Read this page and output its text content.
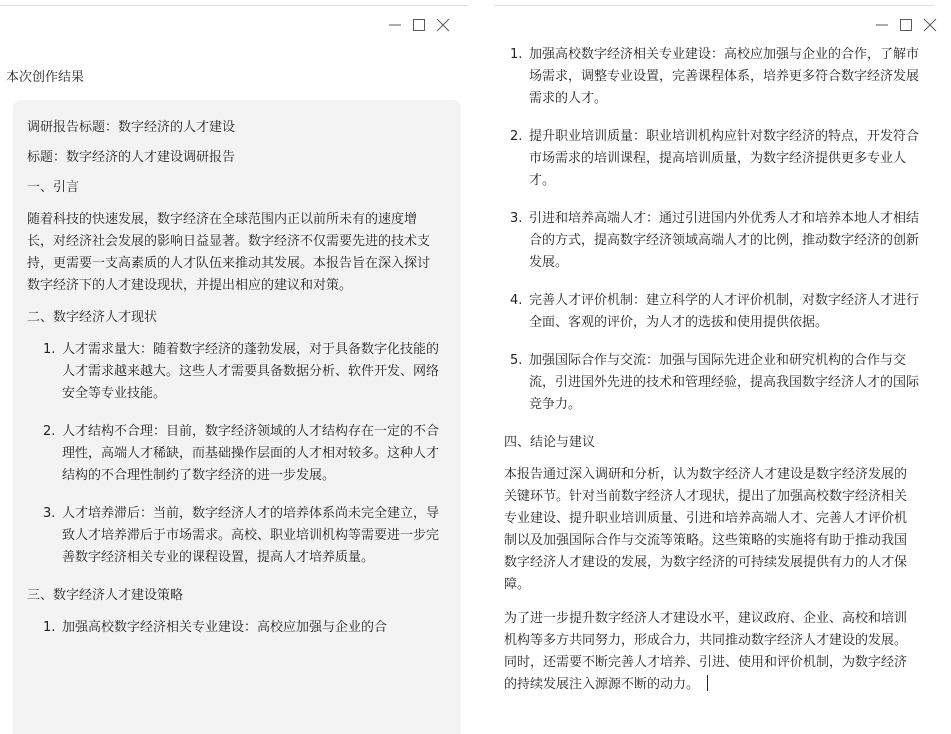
本次创作结果

调研报告标题：数字经济的人才建设

标题：数字经济的人才建设调研报告

一、引言

随着科技的快速发展，数字经济在全球范围内正以前所未有的速度增长，对经济社会发展的影响日益显著。数字经济不仅需要先进的技术支持，更需要一支高素质的人才队伍来推动其发展。本报告旨在深入探讨数字经济下的人才建设现状，并提出相应的建议和对策。

二、数字经济人才现状

1. 人才需求量大：随着数字经济的蓬勃发展，对于具备数字化技能的人才需求越来越大。这些人才需要具备数据分析、软件开发、网络安全等专业技能。
2. 人才结构不合理：目前，数字经济领域的人才结构存在一定的不合理性，高端人才稀缺，而基础操作层面的人才相对较多。这种人才结构的不合理性制约了数字经济的进一步发展。
3. 人才培养滞后：当前，数字经济人才的培养体系尚未完全建立，导致人才培养滞后于市场需求。高校、职业培训机构等需要进一步完善数字经济相关专业的课程设置，提高人才培养质量。

三、数字经济人才建设策略

1. 加强高校数字经济相关专业建设：高校应加强与企业的合
1. 加强高校数字经济相关专业建设：高校应加强与企业的合作，了解市场需求，调整专业设置，完善课程体系，培养更多符合数字经济发展需求的人才。
2. 提升职业培训质量：职业培训机构应针对数字经济的特点，开发符合市场需求的培训课程，提高培训质量，为数字经济提供更多专业人才。
3. 引进和培养高端人才：通过引进国内外优秀人才和培养本地人才相结合的方式，提高数字经济领域高端人才的比例，推动数字经济的创新发展。
4. 完善人才评价机制：建立科学的人才评价机制，对数字经济人才进行全面、客观的评价，为人才的选拔和使用提供依据。
5. 加强国际合作与交流：加强与国际先进企业和研究机构的合作与交流，引进国外先进的技术和管理经验，提高我国数字经济人才的国际竞争力。

四、结论与建议

本报告通过深入调研和分析，认为数字经济人才建设是数字经济发展的关键环节。针对当前数字经济人才现状，提出了加强高校数字经济相关专业建设、提升职业培训质量、引进和培养高端人才、完善人才评价机制以及加强国际合作与交流等策略。这些策略的实施将有助于推动我国数字经济人才建设的发展，为数字经济的可持续发展提供有力的人才保障。

为了进一步提升数字经济人才建设水平，建议政府、企业、高校和培训机构等多方共同努力，形成合力，共同推动数字经济人才建设的发展。同时，还需要不断完善人才培养、引进、使用和评价机制，为数字经济的持续发展注入源源不断的动力。
